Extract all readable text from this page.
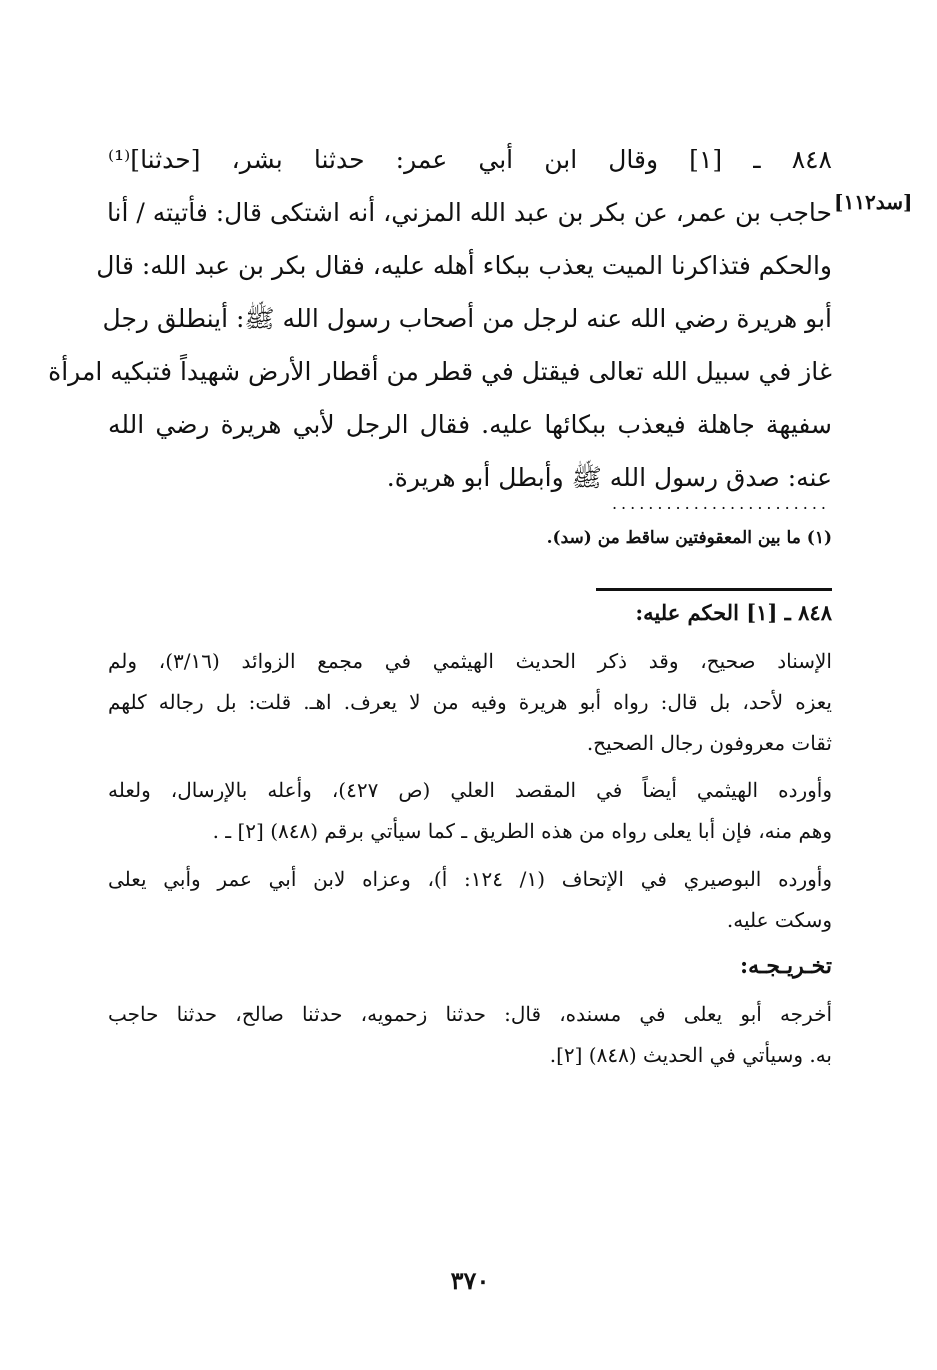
٨٤٨ ـ [١] وقال ابن أبي عمر: حدثنا بشر، [حدثنا]⁽¹⁾
حاجب بن عمر، عن بكر بن عبد الله المزني، أنه اشتكى قال: فأتيته / أنا
والحكم فتذاكرنا الميت يعذب ببكاء أهله عليه، فقال بكر بن عبد الله: قال
أبو هريرة رضي الله عنه لرجل من أصحاب رسول الله ﷺ: أينطلق رجل
غاز في سبيل الله تعالى فيقتل في قطر من أقطار الأرض شهيداً فتبكيه امرأة
سفيهة جاهلة فيعذب ببكائها عليه. فقال الرجل لأبي هريرة رضي الله
عنه: صدق رسول الله ﷺ وأبطل أبو هريرة.
[سد١١٢]
........................
(١) ما بين المعقوفتين ساقط من (سد).
٨٤٨ ـ [١] الحكم عليه:
الإسناد صحيح، وقد ذكر الحديث الهيثمي في مجمع الزوائد (٣/١٦)، ولم
يعزه لأحد، بل قال: رواه أبو هريرة وفيه من لا يعرف. اهـ. قلت: بل رجاله كلهم
ثقات معروفون رجال الصحيح.
وأورده الهيثمي أيضاً في المقصد العلي (ص ٤٢٧)، وأعله بالإرسال، ولعله
وهم منه، فإن أبا يعلى رواه من هذه الطريق ـ كما سيأتي برقم (٨٤٨) [٢] ـ .
وأورده البوصيري في الإتحاف (١/ ١٢٤: أ)، وعزاه لابن أبي عمر وأبي يعلى
وسكت عليه.
تخـريـجـه:
أخرجه أبو يعلى في مسنده، قال: حدثنا زحمويه، حدثنا صالح، حدثنا حاجب
به. وسيأتي في الحديث (٨٤٨) [٢].
٣٧٠
